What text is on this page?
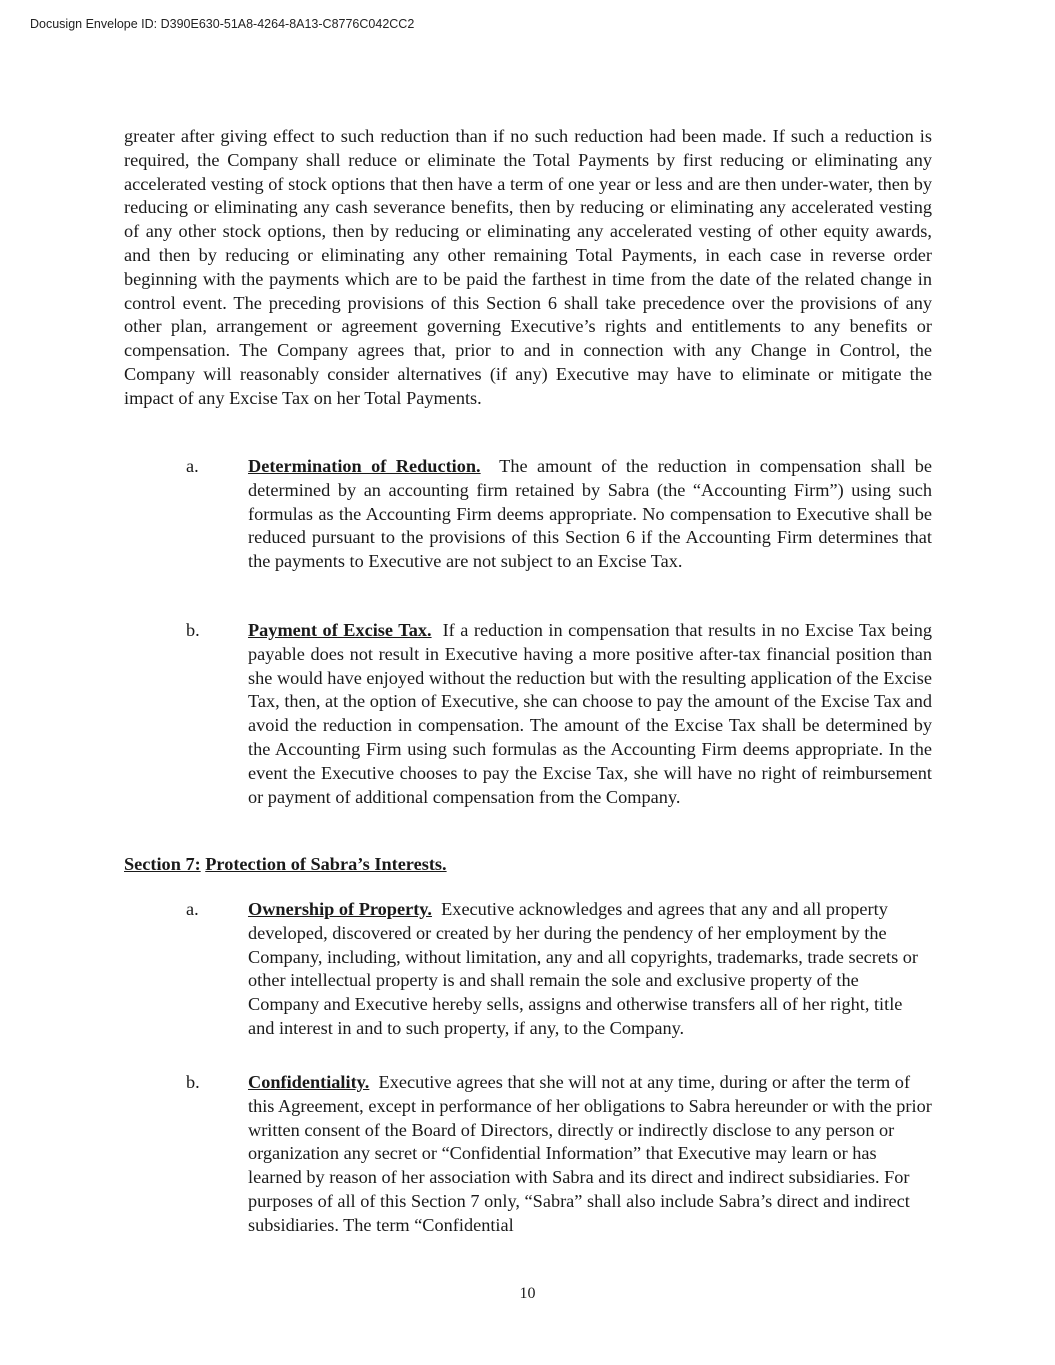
Docusign Envelope ID: D390E630-51A8-4264-8A13-C8776C042CC2
greater after giving effect to such reduction than if no such reduction had been made. If such a reduction is required, the Company shall reduce or eliminate the Total Payments by first reducing or eliminating any accelerated vesting of stock options that then have a term of one year or less and are then under-water, then by reducing or eliminating any cash severance benefits, then by reducing or eliminating any accelerated vesting of any other stock options, then by reducing or eliminating any accelerated vesting of other equity awards, and then by reducing or eliminating any other remaining Total Payments, in each case in reverse order beginning with the payments which are to be paid the farthest in time from the date of the related change in control event. The preceding provisions of this Section 6 shall take precedence over the provisions of any other plan, arrangement or agreement governing Executive’s rights and entitlements to any benefits or compensation. The Company agrees that, prior to and in connection with any Change in Control, the Company will reasonably consider alternatives (if any) Executive may have to eliminate or mitigate the impact of any Excise Tax on her Total Payments.
a.	Determination of Reduction. The amount of the reduction in compensation shall be determined by an accounting firm retained by Sabra (the “Accounting Firm”) using such formulas as the Accounting Firm deems appropriate. No compensation to Executive shall be reduced pursuant to the provisions of this Section 6 if the Accounting Firm determines that the payments to Executive are not subject to an Excise Tax.
b.	Payment of Excise Tax. If a reduction in compensation that results in no Excise Tax being payable does not result in Executive having a more positive after-tax financial position than she would have enjoyed without the reduction but with the resulting application of the Excise Tax, then, at the option of Executive, she can choose to pay the amount of the Excise Tax and avoid the reduction in compensation. The amount of the Excise Tax shall be determined by the Accounting Firm using such formulas as the Accounting Firm deems appropriate. In the event the Executive chooses to pay the Excise Tax, she will have no right of reimbursement or payment of additional compensation from the Company.
Section 7: Protection of Sabra’s Interests.
a.	Ownership of Property. Executive acknowledges and agrees that any and all property developed, discovered or created by her during the pendency of her employment by the Company, including, without limitation, any and all copyrights, trademarks, trade secrets or other intellectual property is and shall remain the sole and exclusive property of the Company and Executive hereby sells, assigns and otherwise transfers all of her right, title and interest in and to such property, if any, to the Company.
b.	Confidentiality. Executive agrees that she will not at any time, during or after the term of this Agreement, except in performance of her obligations to Sabra hereunder or with the prior written consent of the Board of Directors, directly or indirectly disclose to any person or organization any secret or “Confidential Information” that Executive may learn or has learned by reason of her association with Sabra and its direct and indirect subsidiaries. For purposes of all of this Section 7 only, “Sabra” shall also include Sabra’s direct and indirect subsidiaries. The term “Confidential
10
